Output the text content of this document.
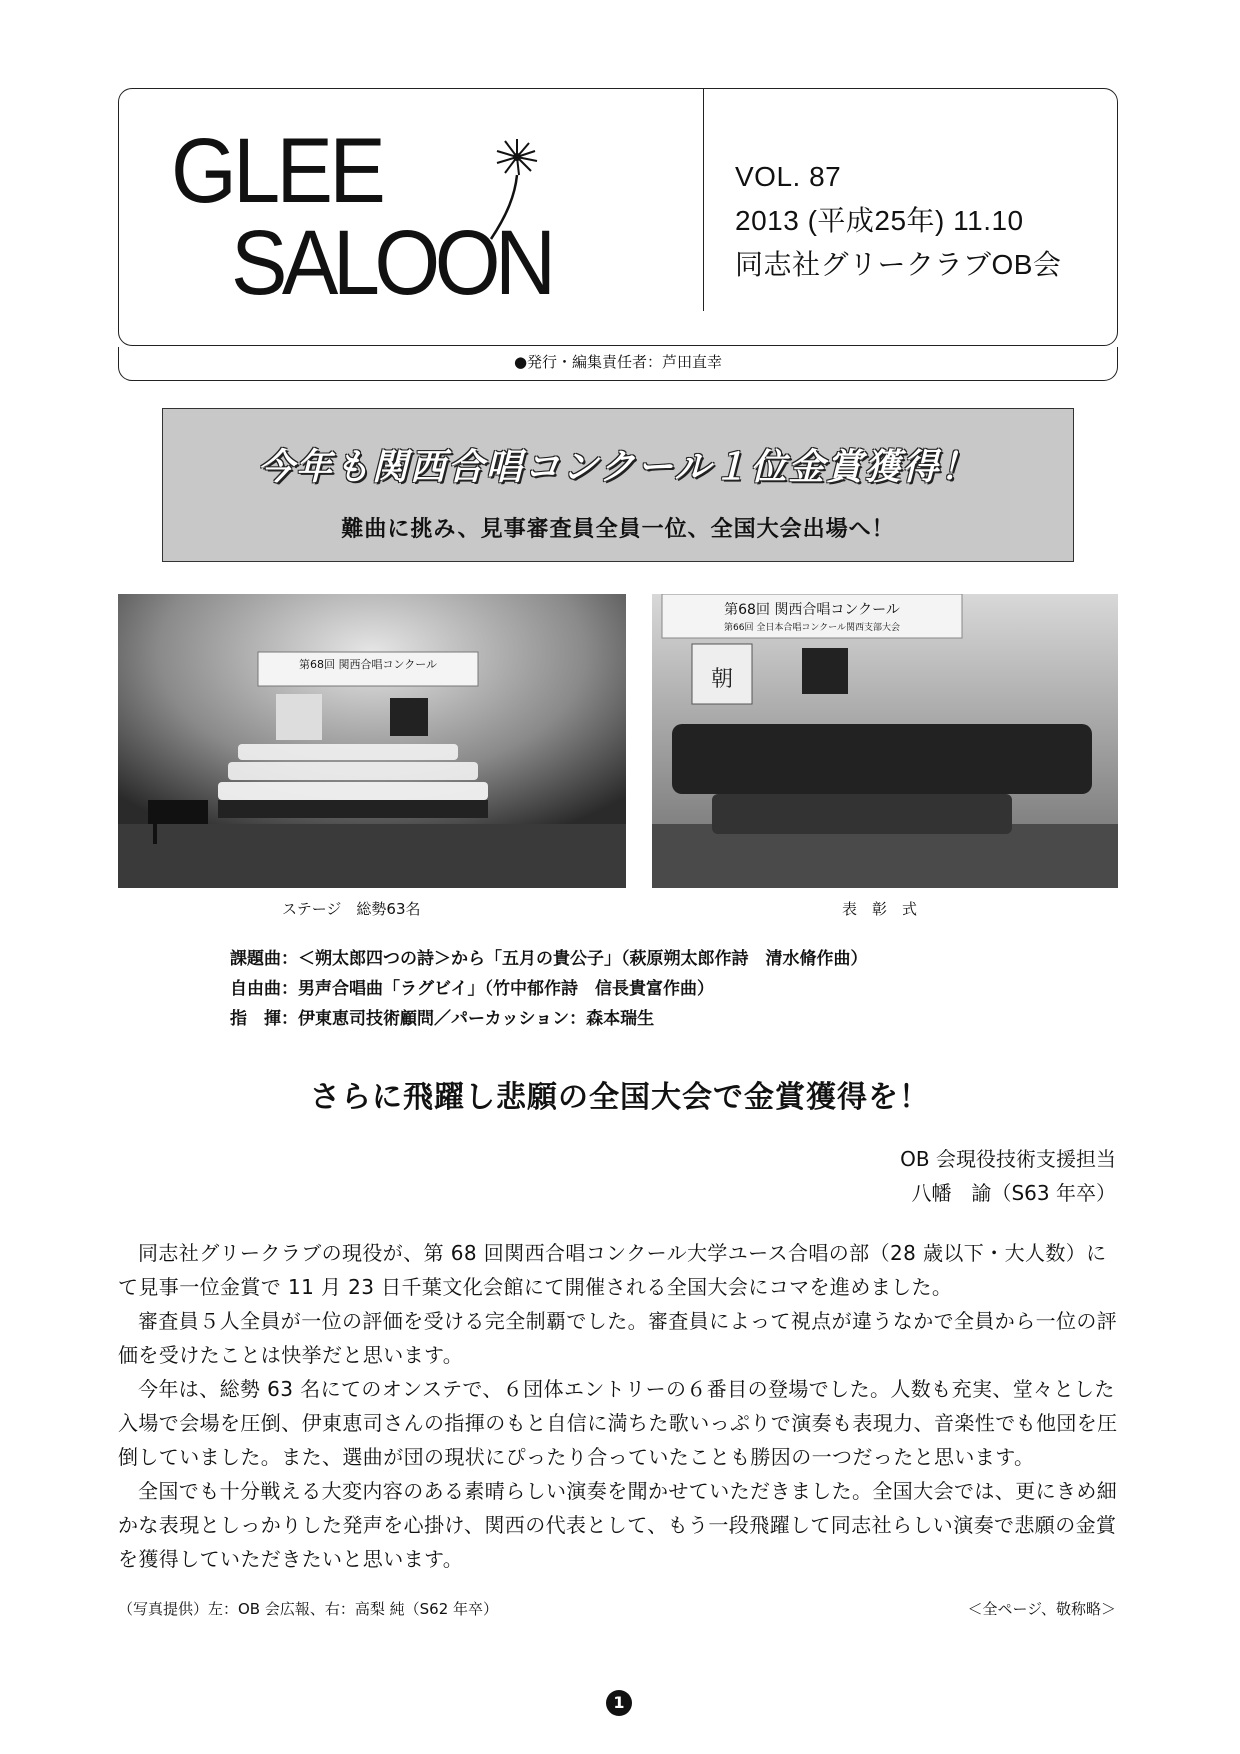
GLEE
SALOON
VOL. 87
2013 (平成25年) 11.10
同志社グリークラブOB会
●発行・編集責任者：芦田直幸
今年も関西合唱コンクール１位金賞獲得！
難曲に挑み、見事審査員全員一位、全国大会出場へ！
第68回 関西合唱コンクール
第68回 関西合唱コンクール
第66回 全日本合唱コンクール関西支部大会
朝
ステージ　総勢63名	表　彰　式
課題曲：＜朔太郎四つの詩＞から「五月の貴公子」（萩原朔太郎作詩　清水脩作曲）
自由曲：男声合唱曲「ラグビイ」（竹中郁作詩　信長貴富作曲）
指　揮：伊東恵司技術顧問／パーカッション：森本瑞生
さらに飛躍し悲願の全国大会で金賞獲得を！
OB 会現役技術支援担当
八幡　諭（S63 年卒）

同志社グリークラブの現役が、第 68 回関西合唱コンクール大学ユース合唱の部（28 歳以下・大人数）にて見事一位金賞で 11 月 23 日千葉文化会館にて開催される全国大会にコマを進めました。

審査員５人全員が一位の評価を受ける完全制覇でした。審査員によって視点が違うなかで全員から一位の評価を受けたことは快挙だと思います。

今年は、総勢 63 名にてのオンステで、６団体エントリーの６番目の登場でした。人数も充実、堂々とした入場で会場を圧倒、伊東恵司さんの指揮のもと自信に満ちた歌いっぷりで演奏も表現力、音楽性でも他団を圧倒していました。また、選曲が団の現状にぴったり合っていたことも勝因の一つだったと思います。

全国でも十分戦える大変内容のある素晴らしい演奏を聞かせていただきました。全国大会では、更にきめ細かな表現としっかりした発声を心掛け、関西の代表として、もう一段飛躍して同志社らしい演奏で悲願の金賞を獲得していただきたいと思います。

（写真提供）左：OB 会広報、右：高梨 純（S62 年卒）	＜全ページ、敬称略＞
1
